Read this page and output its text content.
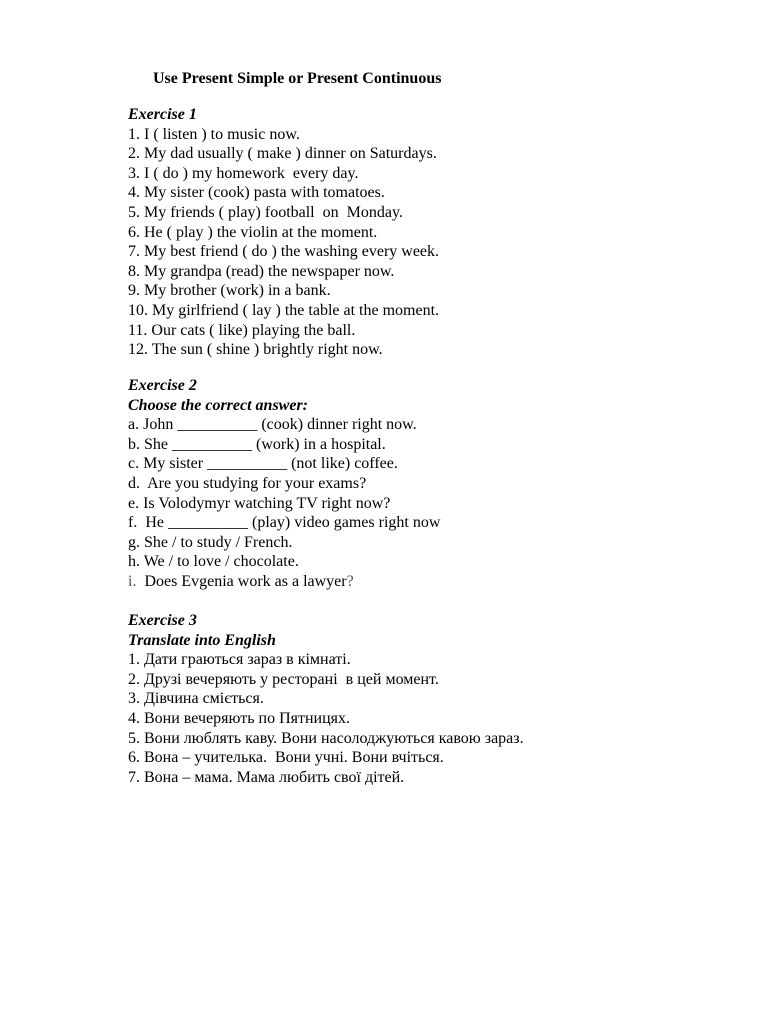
Use Present Simple or Present Continuous
Exercise 1
1. I ( listen ) to music now.
2. My dad usually ( make ) dinner on Saturdays.
3. I ( do ) my homework  every day.
4. My sister (cook) pasta with tomatoes.
5. My friends ( play) football  on  Monday.
6. He ( play ) the violin at the moment.
7. My best friend ( do ) the washing every week.
8. My grandpa (read) the newspaper now.
9. My brother (work) in a bank.
10. My girlfriend ( lay ) the table at the moment.
11. Our cats ( like) playing the ball.
12. The sun ( shine ) brightly right now.
Exercise 2
Choose the correct answer:
a. John __________ (cook) dinner right now.
b. She __________ (work) in a hospital.
c. My sister __________ (not like) coffee.
d.  Are you studying for your exams?
e. Is Volodymyr watching TV right now?
f.  He __________ (play) video games right now
g. She / to study / French.
h. We / to love / chocolate.
i.  Does Evgenia work as a lawyer?
Exercise 3
Translate into English
1. Дати граються зараз в кімнаті.
2. Друзі вечеряють у ресторані  в цей момент.
3. Дівчина сміється.
4. Вони вечеряють по Пятницях.
5. Вони люблять каву. Вони насолоджуються кавою зараз.
6. Вона – учителька.  Вони учні. Вони вчіться.
7. Вона – мама. Мама любить свої дітей.
